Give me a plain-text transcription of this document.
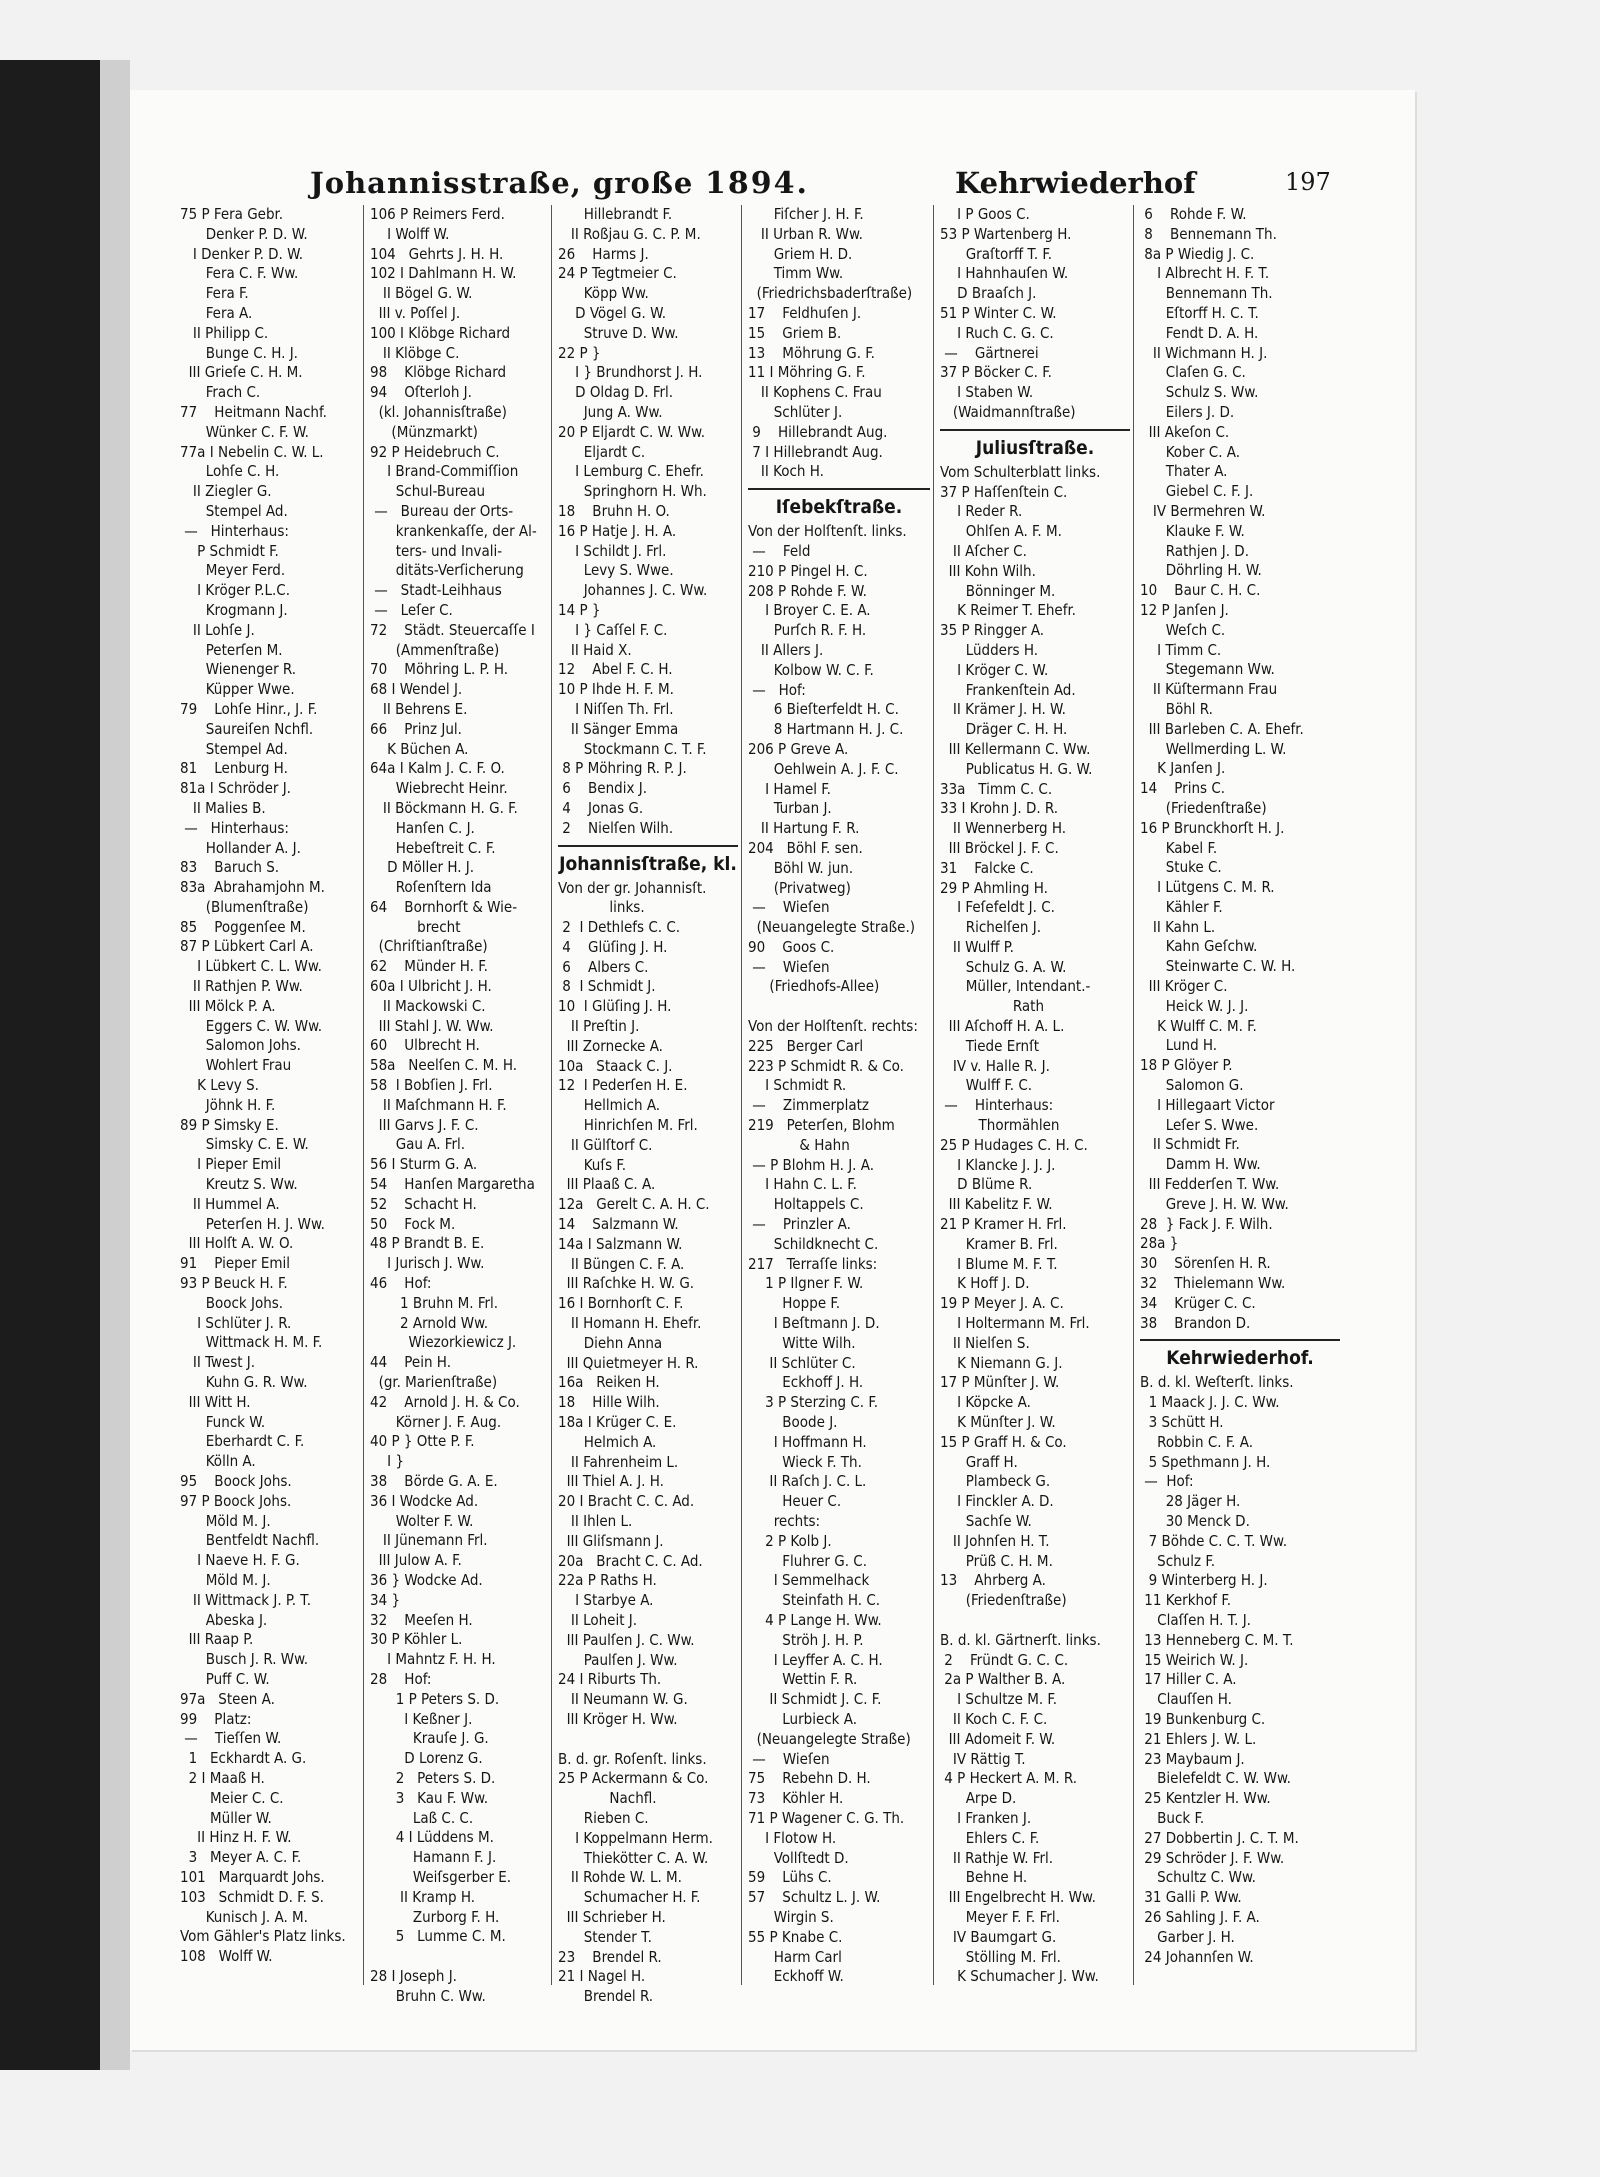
Johannisstraße, große 1894.	Kehrwiederhof	197
75 P Fera Gebr.
Denker P. D. W.
I Denker P. D. W.
Fera C. F. Ww.
Fera F.
Fera A.
II Philipp C.
Bunge C. H. J.
III Grieſe C. H. M.
Frach C.
77    Heitmann Nachf.
Wünker C. F. W.
77a I Nebelin C. W. L.
Lohſe C. H.
II Ziegler G.
Stempel Ad.
—   Hinterhaus:
P Schmidt F.
Meyer Ferd.
I Kröger P.L.C.
Krogmann J.
II Lohſe J.
Peterſen M.
Wienenger R.
Küpper Wwe.
79    Lohſe Hinr., J. F.
Saureiſen Nchfl.
Stempel Ad.
81    Lenburg H.
81a I Schröder J.
II Malies B.
—   Hinterhaus:
Hollander A. J.
83    Baruch S.
83a  Abrahamjohn M.
(Blumenſtraße)
85    Poggenſee M.
87 P Lübkert Carl A.
I Lübkert C. L. Ww.
II Rathjen P. Ww.
III Mölck P. A.
Eggers C. W. Ww.
Salomon Johs.
Wohlert Frau
K Levy S.
Jöhnk H. F.
89 P Simsky E.
Simsky C. E. W.
I Pieper Emil
Kreutz S. Ww.
II Hummel A.
Peterſen H. J. Ww.
III Holſt A. W. O.
91    Pieper Emil
93 P Beuck H. F.
Boock Johs.
I Schlüter J. R.
Wittmack H. M. F.
II Twest J.
Kuhn G. R. Ww.
III Witt H.
Funck W.
Eberhardt C. F.
Kölln A.
95    Boock Johs.
97 P Boock Johs.
Möld M. J.
Bentfeldt Nachfl.
I Naeve H. F. G.
Möld M. J.
II Wittmack J. P. T.
Abeska J.
III Raap P.
Busch J. R. Ww.
Puff C. W.
97a   Steen A.
99    Platz:
—    Tieſſen W.
1   Eckhardt A. G.
2 I Maaß H.
Meier C. C.
Müller W.
II Hinz H. F. W.
3   Meyer A. C. F.
101   Marquardt Johs.
103   Schmidt D. F. S.
Kunisch J. A. M.
Vom Gähler's Platz links.
108   Wolff W.
106 P Reimers Ferd.
I Wolff W.
104   Gehrts J. H. H.
102 I Dahlmann H. W.
II Bögel G. W.
III v. Poſſel J.
100 I Klöbge Richard
II Klöbge C.
98    Klöbge Richard
94    Oſterloh J.
(kl. Johannisſtraße)
(Münzmarkt)
92 P Heidebruch C.
I Brand-Commiſſion
Schul-Bureau
—   Bureau der Orts-
krankenkaſſe, der Al-
ters- und Invali-
ditäts-Verſicherung
—   Stadt-Leihhaus
—   Leſer C.
72    Städt. Steuercaſſe I
(Ammenſtraße)
70    Möhring L. P. H.
68 I Wendel J.
II Behrens E.
66    Prinz Jul.
K Büchen A.
64a I Kalm J. C. F. O.
Wiebrecht Heinr.
II Böckmann H. G. F.
Hanſen C. J.
Hebeſtreit C. F.
D Möller H. J.
Roſenſtern Ida
64    Bornhorſt & Wie-
brecht
(Chriſtianſtraße)
62    Münder H. F.
60a I Ulbricht J. H.
II Mackowski C.
III Stahl J. W. Ww.
60    Ulbrecht H.
58a   Neelſen C. M. H.
58  I Bobſien J. Frl.
II Maſchmann H. F.
III Garvs J. F. C.
Gau A. Frl.
56 I Sturm G. A.
54    Hanſen Margaretha
52    Schacht H.
50    Fock M.
48 P Brandt B. E.
I Jurisch J. Ww.
46    Hof:
1 Bruhn M. Frl.
2 Arnold Ww.
Wiezorkiewicz J.
44    Pein H.
(gr. Marienſtraße)
42    Arnold J. H. & Co.
Körner J. F. Aug.
40 P } Otte P. F.
I }
38    Börde G. A. E.
36 I Wodcke Ad.
Wolter F. W.
II Jünemann Frl.
III Julow A. F.
36 } Wodcke Ad.
34 }
32    Meeſen H.
30 P Köhler L.
I Mahntz F. H. H.
28    Hof:
1 P Peters S. D.
I Keßner J.
Krauſe J. G.
D Lorenz G.
2   Peters S. D.
3   Kau F. Ww.
Laß C. C.
4 I Lüddens M.
Hamann F. J.
Weiſsgerber E.
II Kramp H.
Zurborg F. H.
5   Lumme C. M.

28 I Joseph J.
Bruhn C. Ww.
Hillebrandt F.
II Roßjau G. C. P. M.
26    Harms J.
24 P Tegtmeier C.
Köpp Ww.
D Vögel G. W.
Struve D. Ww.
22 P }
I } Brundhorst J. H.
D Oldag D. Frl.
Jung A. Ww.
20 P Eljardt C. W. Ww.
Eljardt C.
I Lemburg C. Ehefr.
Springhorn H. Wh.
18    Bruhn H. O.
16 P Hatje J. H. A.
I Schildt J. Frl.
Levy S. Wwe.
Johannes J. C. Ww.
14 P }
I } Caſſel F. C.
II Haid X.
12    Abel F. C. H.
10 P Ihde H. F. M.
I Niſſen Th. Frl.
II Sänger Emma
Stockmann C. T. F.
8 P Möhring R. P. J.
6    Bendix J.
4    Jonas G.
2    Nielſen Wilh.
Johannisſtraße, kl.
Von der gr. Johannisſt.
links.
2  I Dethlefs C. C.
4    Glüſing J. H.
6    Albers C.
8  I Schmidt J.
10  I Glüſing J. H.
II Preſtin J.
III Zornecke A.
10a   Staack C. J.
12  I Pederſen H. E.
Hellmich A.
Hinrichſen M. Frl.
II Gülſtorf C.
Kuſs F.
III Plaaß C. A.
12a   Gerelt C. A. H. C.
14    Salzmann W.
14a I Salzmann W.
II Büngen C. F. A.
III Raſchke H. W. G.
16 I Bornhorſt C. F.
II Homann H. Ehefr.
Diehn Anna
III Quietmeyer H. R.
16a   Reiken H.
18    Hille Wilh.
18a I Krüger C. E.
Helmich A.
II Fahrenheim L.
III Thiel A. J. H.
20 I Bracht C. C. Ad.
II Ihlen L.
III Gliſsmann J.
20a   Bracht C. C. Ad.
22a P Raths H.
I Starbye A.
II Loheit J.
III Paulſen J. C. Ww.
Paulſen J. Ww.
24 I Riburts Th.
II Neumann W. G.
III Kröger H. Ww.

B. d. gr. Roſenſt. links.
25 P Ackermann & Co.
Nachfl.
Rieben C.
I Koppelmann Herm.
Thiekötter C. A. W.
II Rohde W. L. M.
Schumacher H. F.
III Schrieber H.
Stender T.
23    Brendel R.
21 I Nagel H.
Brendel R.
Fiſcher J. H. F.
II Urban R. Ww.
Griem H. D.
Timm Ww.
(Friedrichsbaderſtraße)
17    Feldhuſen J.
15    Griem B.
13    Möhrung G. F.
11 I Möhring G. F.
II Kophens C. Frau
Schlüter J.
9    Hillebrandt Aug.
7 I Hillebrandt Aug.
II Koch H.
Iſebekſtraße.
Von der Holſtenſt. links.
—    Feld
210 P Pingel H. C.
208 P Rohde F. W.
I Broyer C. E. A.
Purſch R. F. H.
II Allers J.
Kolbow W. C. F.
—   Hof:
6 Bieſterfeldt H. C.
8 Hartmann H. J. C.
206 P Greve A.
Oehlwein A. J. F. C.
I Hamel F.
Turban J.
II Hartung F. R.
204   Böhl F. sen.
Böhl W. jun.
(Privatweg)
—    Wieſen
(Neuangelegte Straße.)
90    Goos C.
—    Wieſen
(Friedhofs-Allee)

Von der Holſtenſt. rechts:
225   Berger Carl
223 P Schmidt R. & Co.
I Schmidt R.
—    Zimmerplatz
219   Peterſen, Blohm
& Hahn
— P Blohm H. J. A.
I Hahn C. L. F.
Holtappels C.
—    Prinzler A.
Schildknecht C.
217   Terraſſe links:
1 P Ilgner F. W.
Hoppe F.
I Beſtmann J. D.
Witte Wilh.
II Schlüter C.
Eckhoff J. H.
3 P Sterzing C. F.
Boode J.
I Hoffmann H.
Wieck F. Th.
II Raſch J. C. L.
Heuer C.
rechts:
2 P Kolb J.
Fluhrer G. C.
I Semmelhack
Steinfath H. C.
4 P Lange H. Ww.
Ströh J. H. P.
I Leyffer A. C. H.
Wettin F. R.
II Schmidt J. C. F.
Lurbieck A.
(Neuangelegte Straße)
—    Wieſen
75    Rebehn D. H.
73    Köhler H.
71 P Wagener C. G. Th.
I Flotow H.
Vollſtedt D.
59    Lühs C.
57    Schultz L. J. W.
Wirgin S.
55 P Knabe C.
Harm Carl
Eckhoff W.
I P Goos C.
53 P Wartenberg H.
Graſtorff T. F.
I Hahnhauſen W.
D Braaſch J.
51 P Winter C. W.
I Ruch C. G. C.
—    Gärtnerei
37 P Böcker C. F.
I Staben W.
(Waidmannſtraße)
Juliusſtraße.
Vom Schulterblatt links.
37 P Haſſenſtein C.
I Reder R.
Ohlſen A. F. M.
II Aſcher C.
III Kohn Wilh.
Bönninger M.
K Reimer T. Ehefr.
35 P Ringger A.
Lüdders H.
I Kröger C. W.
Frankenſtein Ad.
II Krämer J. H. W.
Dräger C. H. H.
III Kellermann C. Ww.
Publicatus H. G. W.
33a   Timm C. C.
33 I Krohn J. D. R.
II Wennerberg H.
III Bröckel J. F. C.
31    Falcke C.
29 P Ahmling H.
I Feſefeldt J. C.
Richelſen J.
II Wulff P.
Schulz G. A. W.
Müller, Intendant.-
Rath
III Aſchoff H. A. L.
Tiede Ernſt
IV v. Halle R. J.
Wulff F. C.
—    Hinterhaus:
Thormählen
25 P Hudages C. H. C.
I Klancke J. J. J.
D Blüme R.
III Kabelitz F. W.
21 P Kramer H. Frl.
Kramer B. Frl.
I Blume M. F. T.
K Hoff J. D.
19 P Meyer J. A. C.
I Holtermann M. Frl.
II Nielſen S.
K Niemann G. J.
17 P Münſter J. W.
I Köpcke A.
K Münſter J. W.
15 P Graff H. & Co.
Graff H.
Plambeck G.
I Finckler A. D.
Sachſe W.
II Johnſen H. T.
Prüß C. H. M.
13    Ahrberg A.
(Friedenſtraße)

B. d. kl. Gärtnerſt. links.
2    Fründt G. C. C.
2a P Walther B. A.
I Schultze M. F.
II Koch C. F. C.
III Adomeit F. W.
IV Rättig T.
4 P Heckert A. M. R.
Arpe D.
I Franken J.
Ehlers C. F.
II Rathje W. Frl.
Behne H.
III Engelbrecht H. Ww.
Meyer F. F. Frl.
IV Baumgart G.
Stölling M. Frl.
K Schumacher J. Ww.
6    Rohde F. W.
8    Bennemann Th.
8a P Wiedig J. C.
I Albrecht H. F. T.
Bennemann Th.
Eſtorff H. C. T.
Fendt D. A. H.
II Wichmann H. J.
Claſen G. C.
Schulz S. Ww.
Eilers J. D.
III Akeſon C.
Kober C. A.
Thater A.
Giebel C. F. J.
IV Bermehren W.
Klauke F. W.
Rathjen J. D.
Döhrling H. W.
10    Baur C. H. C.
12 P Janſen J.
Weſch C.
I Timm C.
Stegemann Ww.
II Küſtermann Frau
Böhl R.
III Barleben C. A. Ehefr.
Wellmerding L. W.
K Janſen J.
14    Prins C.
(Friedenſtraße)
16 P Brunckhorſt H. J.
Kabel F.
Stuke C.
I Lütgens C. M. R.
Kähler F.
II Kahn L.
Kahn Geſchw.
Steinwarte C. W. H.
III Kröger C.
Heick W. J. J.
K Wulff C. M. F.
Lund H.
18 P Glöyer P.
Salomon G.
I Hillegaart Victor
Leſer S. Wwe.
II Schmidt Fr.
Damm H. Ww.
III Fedderſen T. Ww.
Greve J. H. W. Ww.
28  } Fack J. F. Wilh.
28a }
30    Sörenſen H. R.
32    Thielemann Ww.
34    Krüger C. C.
38    Brandon D.
Kehrwiederhof.
B. d. kl. Weſterſt. links.
1 Maack J. J. C. Ww.
3 Schütt H.
Robbin C. F. A.
5 Spethmann J. H.
—  Hof:
28 Jäger H.
30 Menck D.
7 Böhde C. C. T. Ww.
Schulz F.
9 Winterberg H. J.
11 Kerkhof F.
Claſſen H. T. J.
13 Henneberg C. M. T.
15 Weirich W. J.
17 Hiller C. A.
Clauſſen H.
19 Bunkenburg C.
21 Ehlers J. W. L.
23 Maybaum J.
Bielefeldt C. W. Ww.
25 Kentzler H. Ww.
Buck F.
27 Dobbertin J. C. T. M.
29 Schröder J. F. Ww.
Schultz C. Ww.
31 Galli P. Ww.
26 Sahling J. F. A.
Garber J. H.
24 Johannſen W.
